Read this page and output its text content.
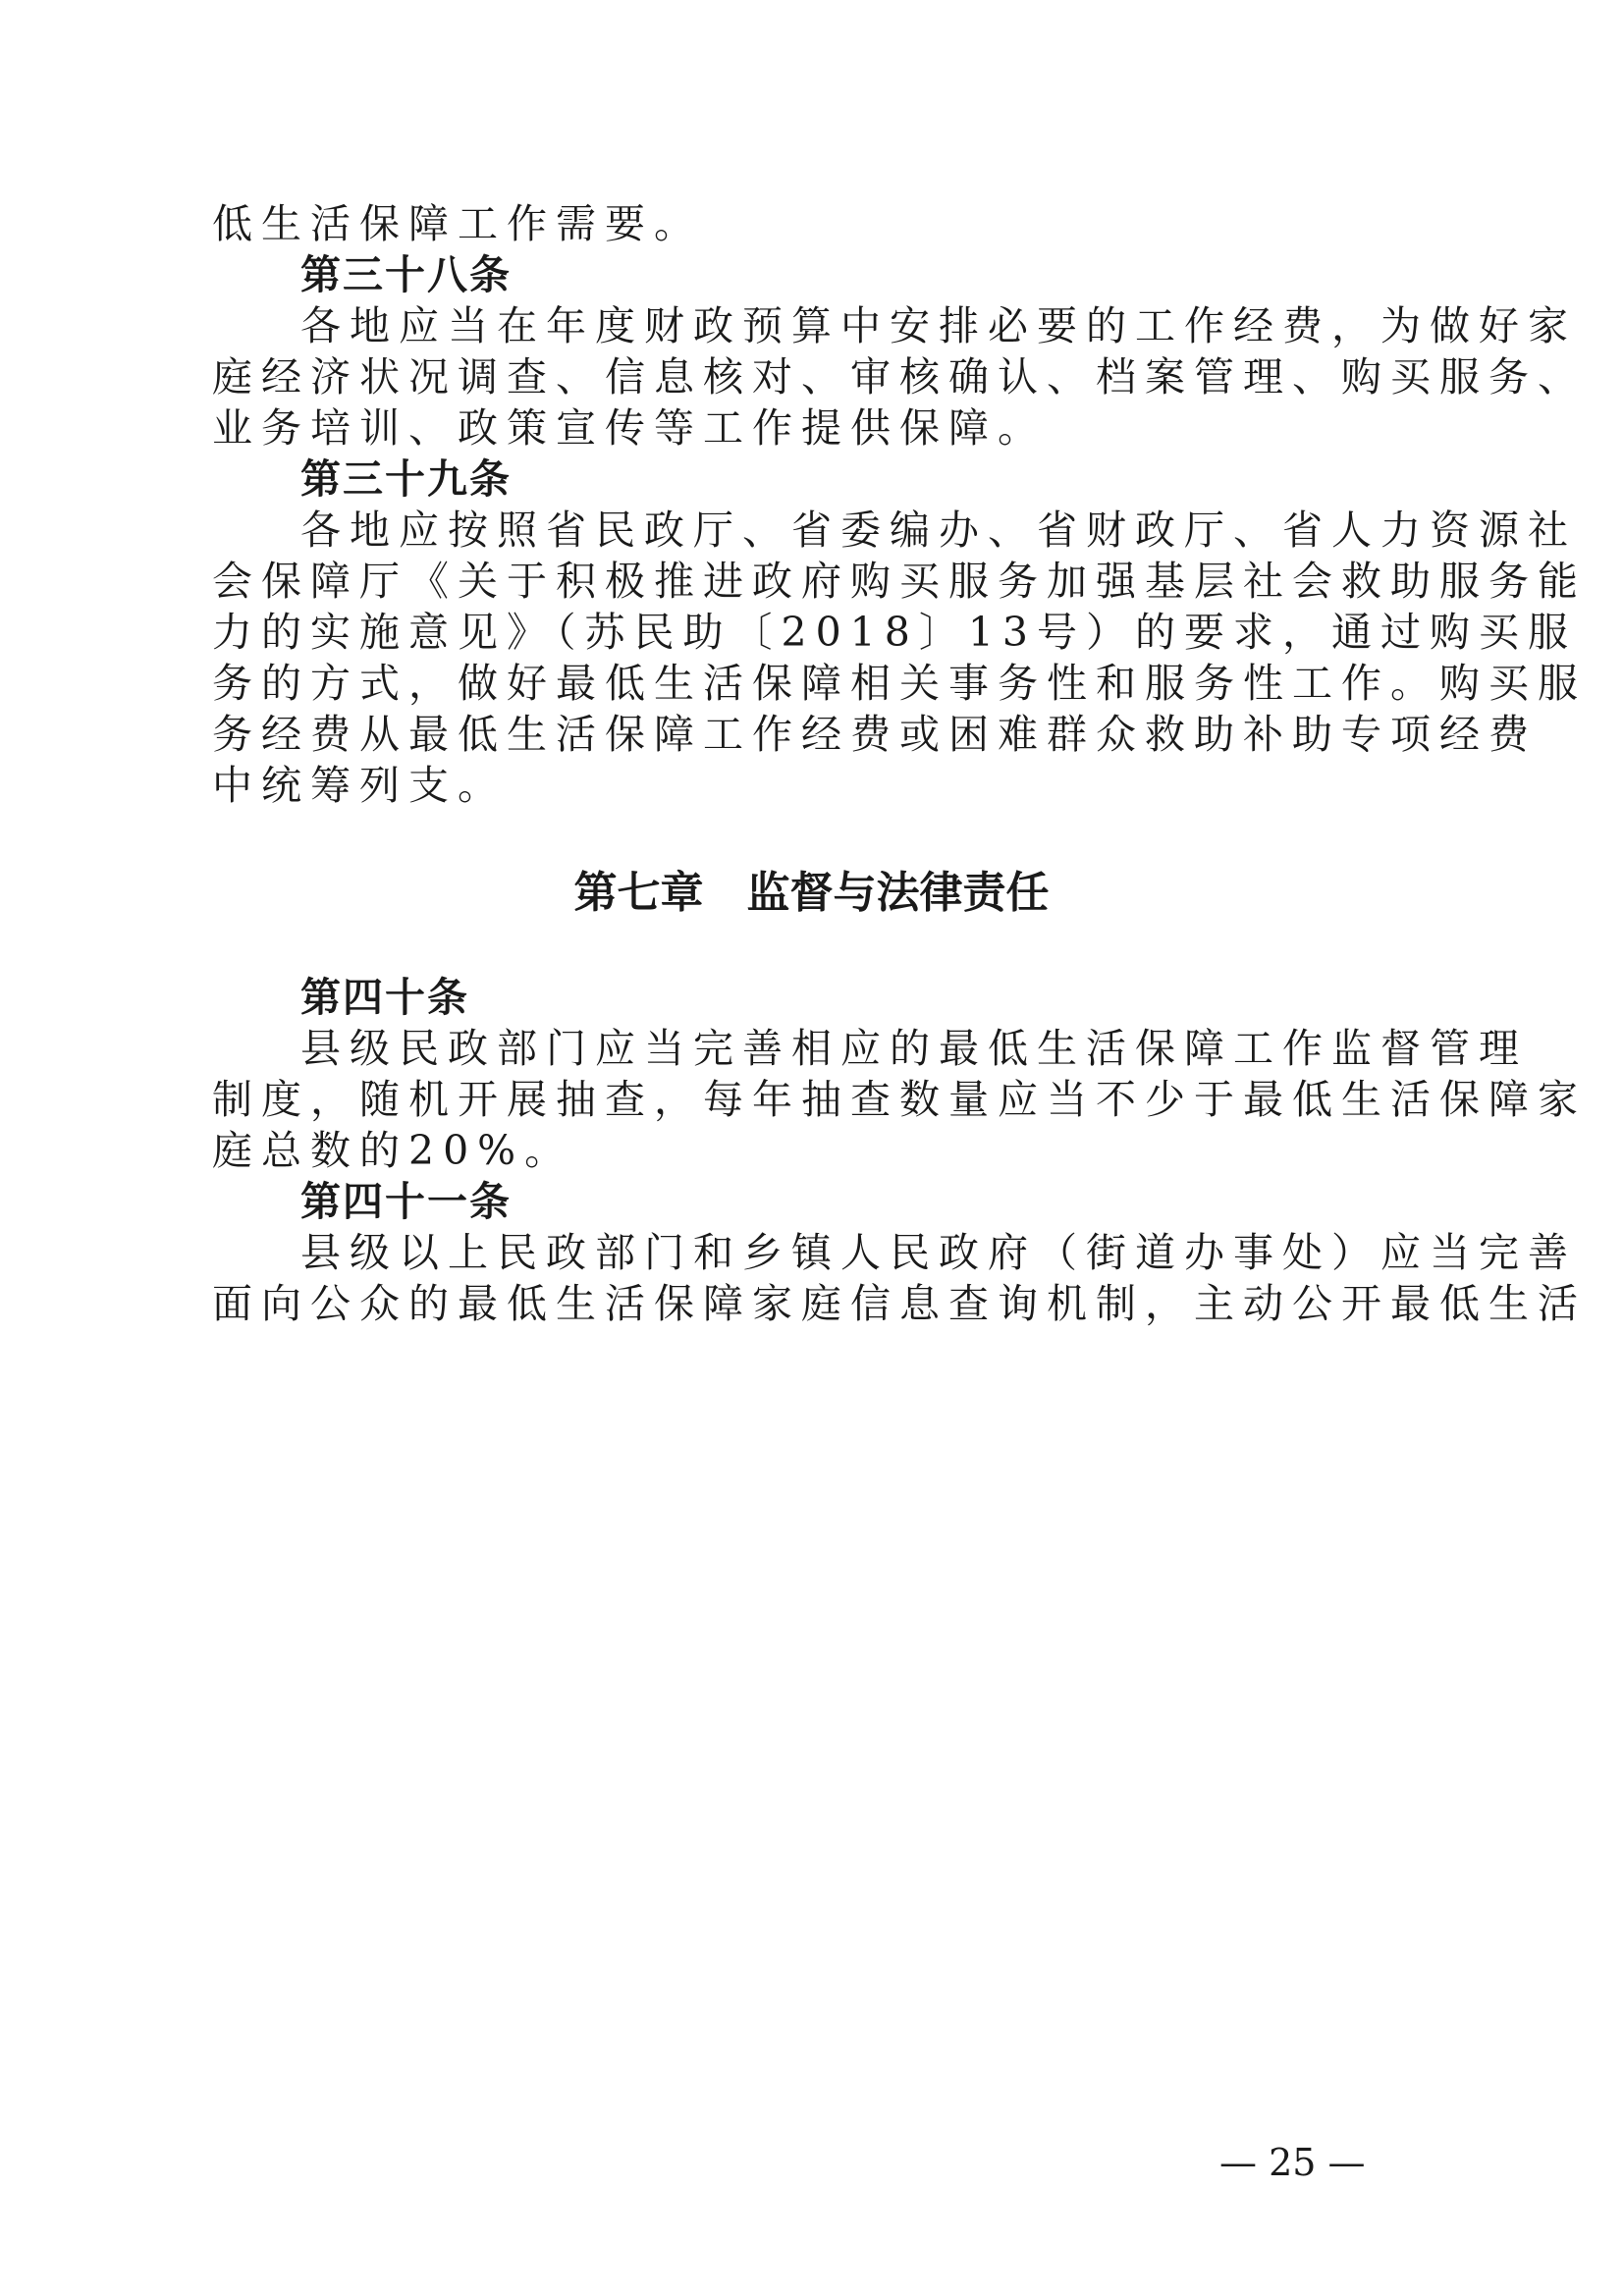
低生活保障工作需要。
第三十八条
各地应当在年度财政预算中安排必要的工作经费，为做好家
庭经济状况调查、信息核对、审核确认、档案管理、购买服务、
业务培训、政策宣传等工作提供保障。
第三十九条
各地应按照省民政厅、省委编办、省财政厅、省人力资源社
会保障厅《关于积极推进政府购买服务加强基层社会救助服务能
力的实施意见》（苏民助〔2018〕13号）的要求，通过购买服
务的方式，做好最低生活保障相关事务性和服务性工作。购买服
务经费从最低生活保障工作经费或困难群众救助补助专项经费
中统筹列支。
第七章　监督与法律责任
第四十条
县级民政部门应当完善相应的最低生活保障工作监督管理
制度，随机开展抽查，每年抽查数量应当不少于最低生活保障家
庭总数的20%。
第四十一条
县级以上民政部门和乡镇人民政府（街道办事处）应当完善
面向公众的最低生活保障家庭信息查询机制，主动公开最低生活
— 25 —
